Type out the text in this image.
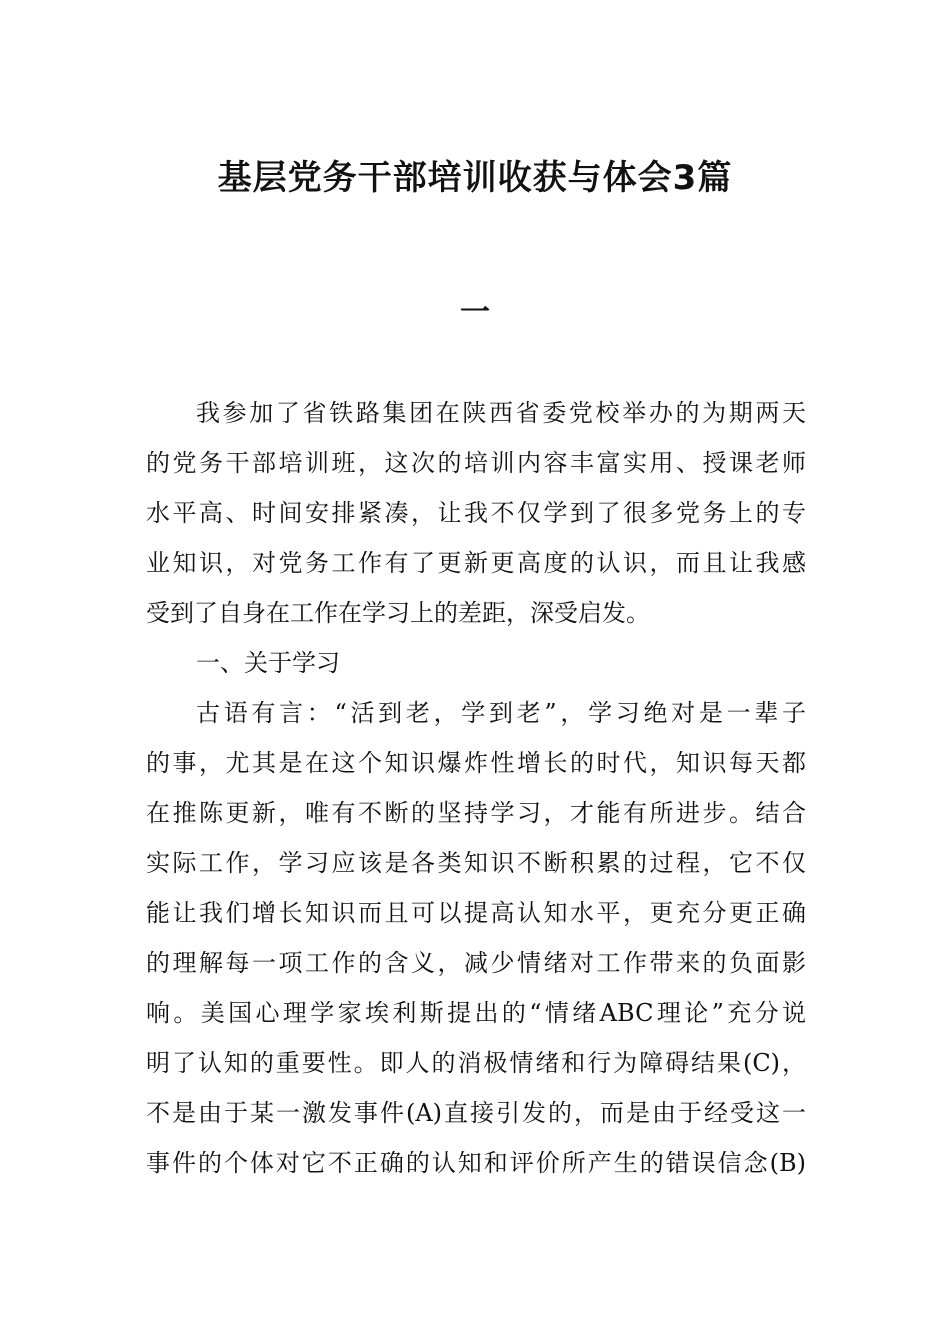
基层党务干部培训收获与体会3篇
一
我参加了省铁路集团在陕西省委党校举办的为期两天
的党务干部培训班，这次的培训内容丰富实用、授课老师
水平高、时间安排紧凑，让我不仅学到了很多党务上的专
业知识，对党务工作有了更新更高度的认识，而且让我感
受到了自身在工作在学习上的差距，深受启发。
一、关于学习
古语有言：“活到老，学到老”，学习绝对是一辈子
的事，尤其是在这个知识爆炸性增长的时代，知识每天都
在推陈更新，唯有不断的坚持学习，才能有所进步。结合
实际工作，学习应该是各类知识不断积累的过程，它不仅
能让我们增长知识而且可以提高认知水平，更充分更正确
的理解每一项工作的含义，减少情绪对工作带来的负面影
响。美国心理学家埃利斯提出的“情绪ABC理论”充分说
明了认知的重要性。即人的消极情绪和行为障碍结果(C)，
不是由于某一激发事件(A)直接引发的，而是由于经受这一
事件的个体对它不正确的认知和评价所产生的错误信念(B)
